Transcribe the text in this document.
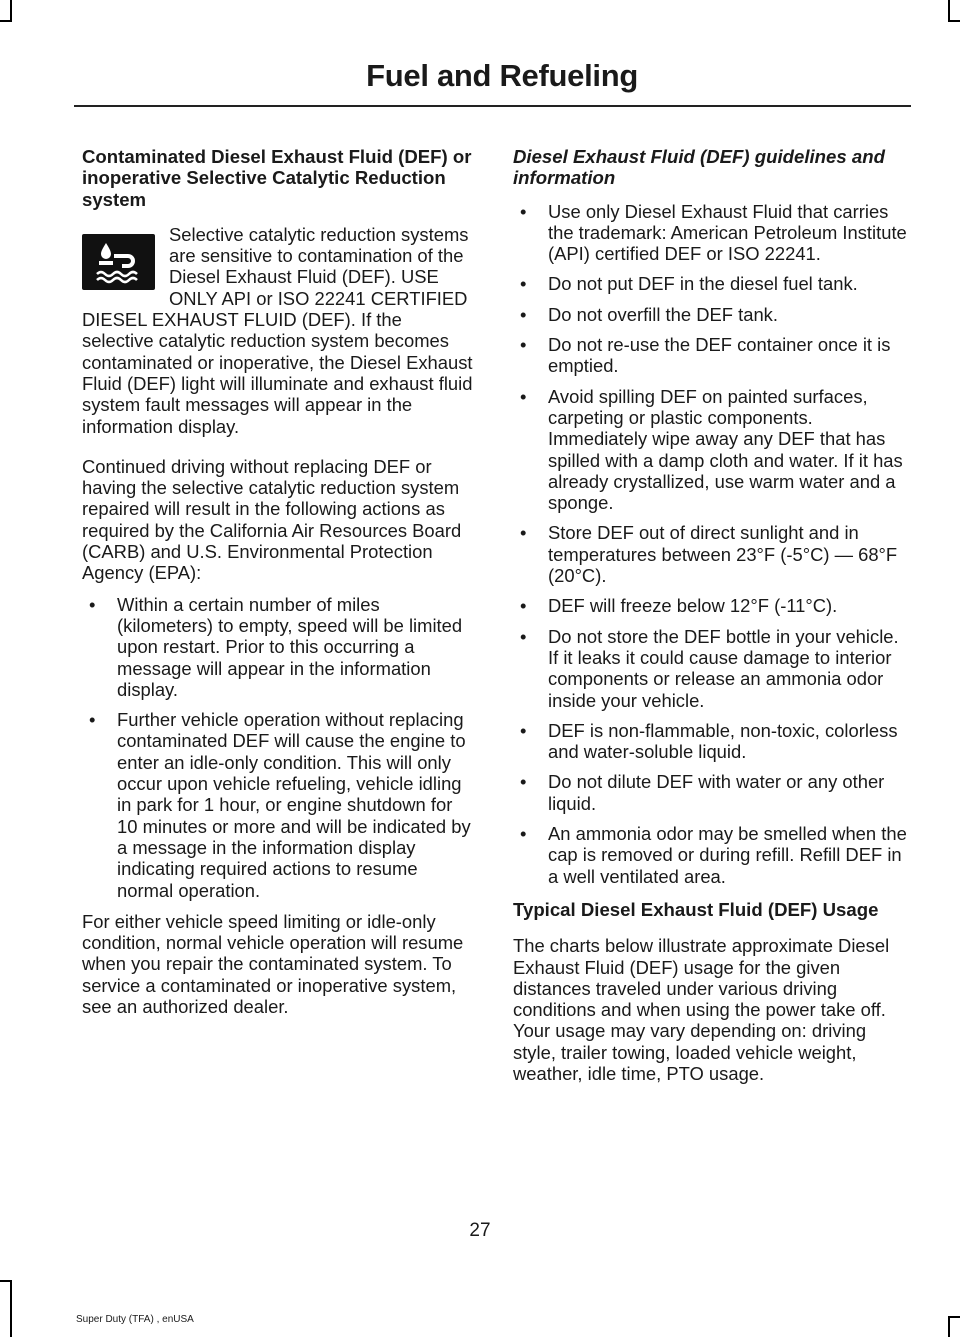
Fuel and Refueling
Contaminated Diesel Exhaust Fluid (DEF) or inoperative Selective Catalytic Reduction system

Selective catalytic reduction systems are sensitive to contamination of the Diesel Exhaust Fluid (DEF). USE ONLY API or ISO 22241 CERTIFIED DIESEL EXHAUST FLUID (DEF). If the selective catalytic reduction system becomes contaminated or inoperative, the Diesel Exhaust Fluid (DEF) light will illuminate and exhaust fluid system fault messages will appear in the information display.

Continued driving without replacing DEF or having the selective catalytic reduction system repaired will result in the following actions as required by the California Air Resources Board (CARB) and U.S. Environmental Protection Agency (EPA):

• Within a certain number of miles (kilometers) to empty, speed will be limited upon restart. Prior to this occurring a message will appear in the information display.
• Further vehicle operation without replacing contaminated DEF will cause the engine to enter an idle-only condition. This will only occur upon vehicle refueling, vehicle idling in park for 1 hour, or engine shutdown for 10 minutes or more and will be indicated by a message in the information display indicating required actions to resume normal operation.

For either vehicle speed limiting or idle-only condition, normal vehicle operation will resume when you repair the contaminated system. To service a contaminated or inoperative system, see an authorized dealer.

Diesel Exhaust Fluid (DEF) guidelines and information
• Use only Diesel Exhaust Fluid that carries the trademark: American Petroleum Institute (API) certified DEF or ISO 22241.
• Do not put DEF in the diesel fuel tank.
• Do not overfill the DEF tank.
• Do not re-use the DEF container once it is emptied.
• Avoid spilling DEF on painted surfaces, carpeting or plastic components. Immediately wipe away any DEF that has spilled with a damp cloth and water. If it has already crystallized, use warm water and a sponge.
• Store DEF out of direct sunlight and in temperatures between 23°F (-5°C) — 68°F (20°C).
• DEF will freeze below 12°F (-11°C).
• Do not store the DEF bottle in your vehicle. If it leaks it could cause damage to interior components or release an ammonia odor inside your vehicle.
• DEF is non-flammable, non-toxic, colorless and water-soluble liquid.
• Do not dilute DEF with water or any other liquid.
• An ammonia odor may be smelled when the cap is removed or during refill. Refill DEF in a well ventilated area.
Typical Diesel Exhaust Fluid (DEF) Usage

The charts below illustrate approximate Diesel Exhaust Fluid (DEF) usage for the given distances traveled under various driving conditions and when using the power take off. Your usage may vary depending on: driving style, trailer towing, loaded vehicle weight, weather, idle time, PTO usage.

27
Super Duty (TFA) , enUSA
